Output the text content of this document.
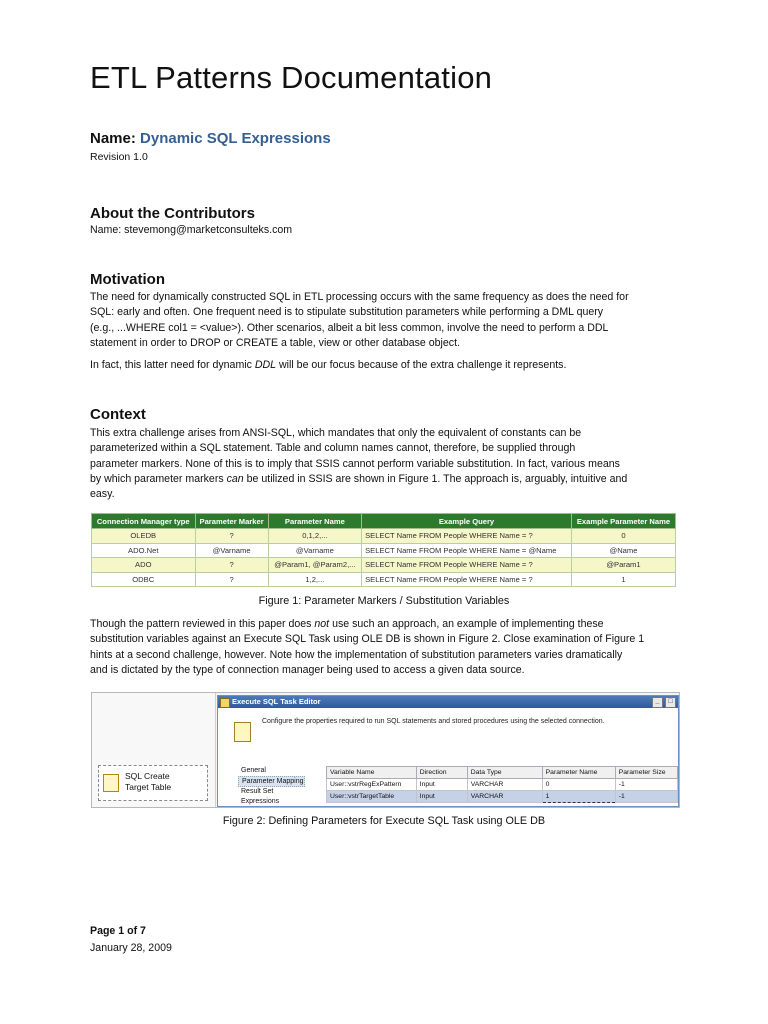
ETL Patterns Documentation
Name: Dynamic SQL Expressions
Revision 1.0
About the Contributors
Name: stevemong@marketconsulteks.com
Motivation
The need for dynamically constructed SQL in ETL processing occurs with the same frequency as does the need for
SQL: early and often. One frequent need is to stipulate substitution parameters while performing a DML query
(e.g., ...WHERE col1 = <value>). Other scenarios, albeit a bit less common, involve the need to perform a DDL
statement in order to DROP or CREATE a table, view or other database object.
In fact, this latter need for dynamic DDL will be our focus because of the extra challenge it represents.
Context
This extra challenge arises from ANSI-SQL, which mandates that only the equivalent of constants can be
parameterized within a SQL statement. Table and column names cannot, therefore, be supplied through
parameter markers. None of this is to imply that SSIS cannot perform variable substitution. In fact, various means
by which parameter markers can be utilized in SSIS are shown in Figure 1. The approach is, arguably, intuitive and
easy.
Connection Manager type	Parameter Marker	Parameter Name	Example Query	Example Parameter Name
OLEDB	?	0,1,2,...	SELECT Name FROM People WHERE Name = ?	0
ADO.Net	@Varname	@Varname	SELECT Name FROM People WHERE Name = @Name	@Name
ADO	?	@Param1, @Param2,...	SELECT Name FROM People WHERE Name = ?	@Param1
ODBC	?	1,2,...	SELECT Name FROM People WHERE Name = ?	1
Figure 1: Parameter Markers / Substitution Variables
Though the pattern reviewed in this paper does not use such an approach, an example of implementing these
substitution variables against an Execute SQL Task using OLE DB is shown in Figure 2. Close examination of Figure 1
hints at a second challenge, however. Note how the implementation of substitution parameters varies dramatically
and is dictated by the type of connection manager being used to access a given data source.
SQL Create
Target Table
Execute SQL Task Editor	_	□
Configure the properties required to run SQL statements and stored procedures using the selected connection.
General
Parameter Mapping
Result Set
Expressions
Variable Name	Direction	Data Type	Parameter Name	Parameter Size
User::vstrRegExPattern	Input	VARCHAR	0	-1
User::vstrTargetTable	Input	VARCHAR	1	-1
Figure 2: Defining Parameters for Execute SQL Task using OLE DB
Page 1 of 7
January 28, 2009
